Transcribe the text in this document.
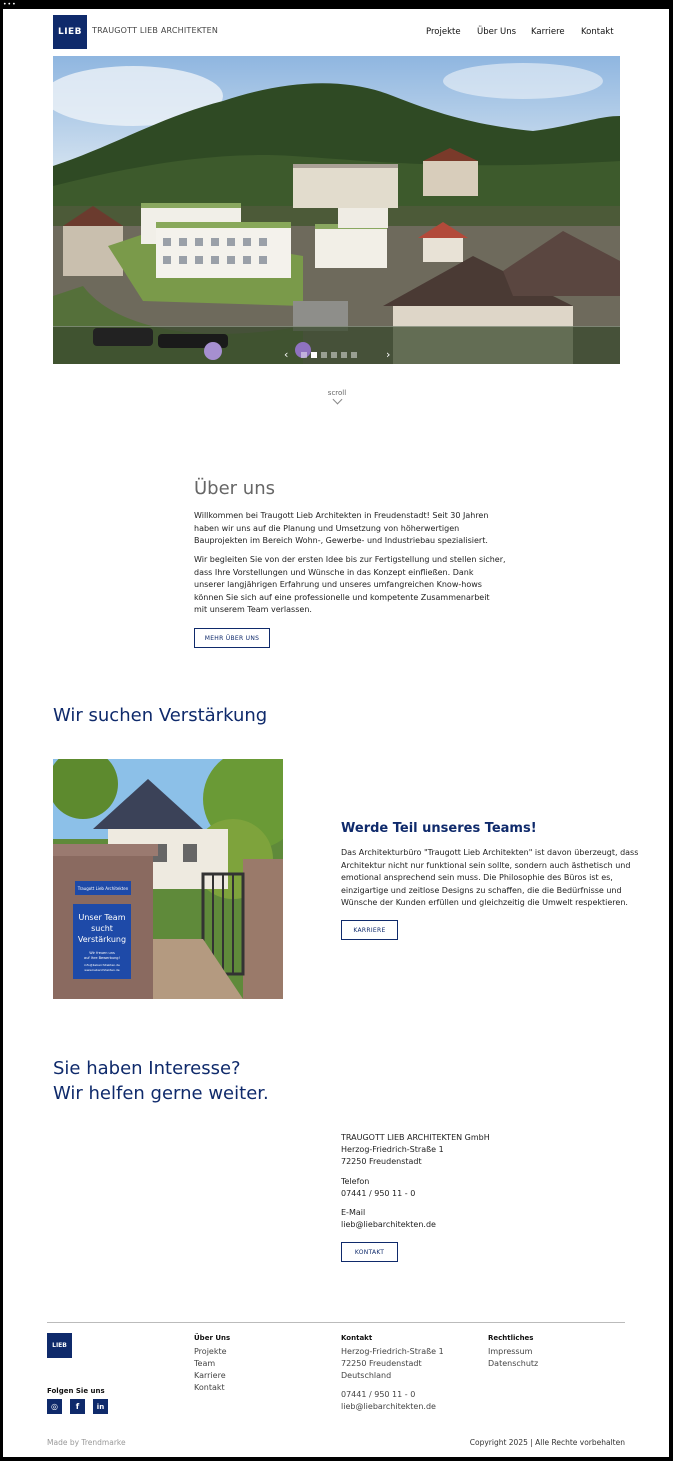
•••
LIEB	TRAUGOTT LIEB ARCHITEKTEN	Projekte Über Uns Karriere Kontakt
‹	›
scroll
Über uns
Willkommen bei Traugott Lieb Architekten in Freudenstadt! Seit 30 Jahren
haben wir uns auf die Planung und Umsetzung von höherwertigen
Bauprojekten im Bereich Wohn-, Gewerbe- und Industriebau spezialisiert.
Wir begleiten Sie von der ersten Idee bis zur Fertigstellung und stellen sicher,
dass Ihre Vorstellungen und Wünsche in das Konzept einfließen. Dank
unserer langjährigen Erfahrung und unseres umfangreichen Know-hows
können Sie sich auf eine professionelle und kompetente Zusammenarbeit
mit unserem Team verlassen.
MEHR ÜBER UNS
Wir suchen Verstärkung
Traugott Lieb Architekten
Unser Team
sucht
Verstärkung
Wir freuen uns
auf Ihre Bewerbung!
info@liebarchitekten.de
www.liebarchitekten.de
Werde Teil unseres Teams!
Das Architekturbüro "Traugott Lieb Architekten" ist davon überzeugt, dass
Architektur nicht nur funktional sein sollte, sondern auch ästhetisch und
emotional ansprechend sein muss. Die Philosophie des Büros ist es,
einzigartige und zeitlose Designs zu schaffen, die die Bedürfnisse und
Wünsche der Kunden erfüllen und gleichzeitig die Umwelt respektieren.
KARRIERE
Sie haben Interesse?
Wir helfen gerne weiter.
TRAUGOTT LIEB ARCHITEKTEN GmbH
Herzog-Friedrich-Straße 1
72250 Freudenstadt
Telefon
07441 / 950 11 - 0
E-Mail
lieb@liebarchitekten.de
KONTAKT
LIEB
Folgen Sie uns
◎	f	in
Über Uns
Projekte
Team
Karriere
Kontakt
Kontakt
Herzog-Friedrich-Straße 1
72250 Freudenstadt
Deutschland
07441 / 950 11 - 0
lieb@liebarchitekten.de
Rechtliches
Impressum
Datenschutz
Made by Trendmarke	Copyright 2025 | Alle Rechte vorbehalten
